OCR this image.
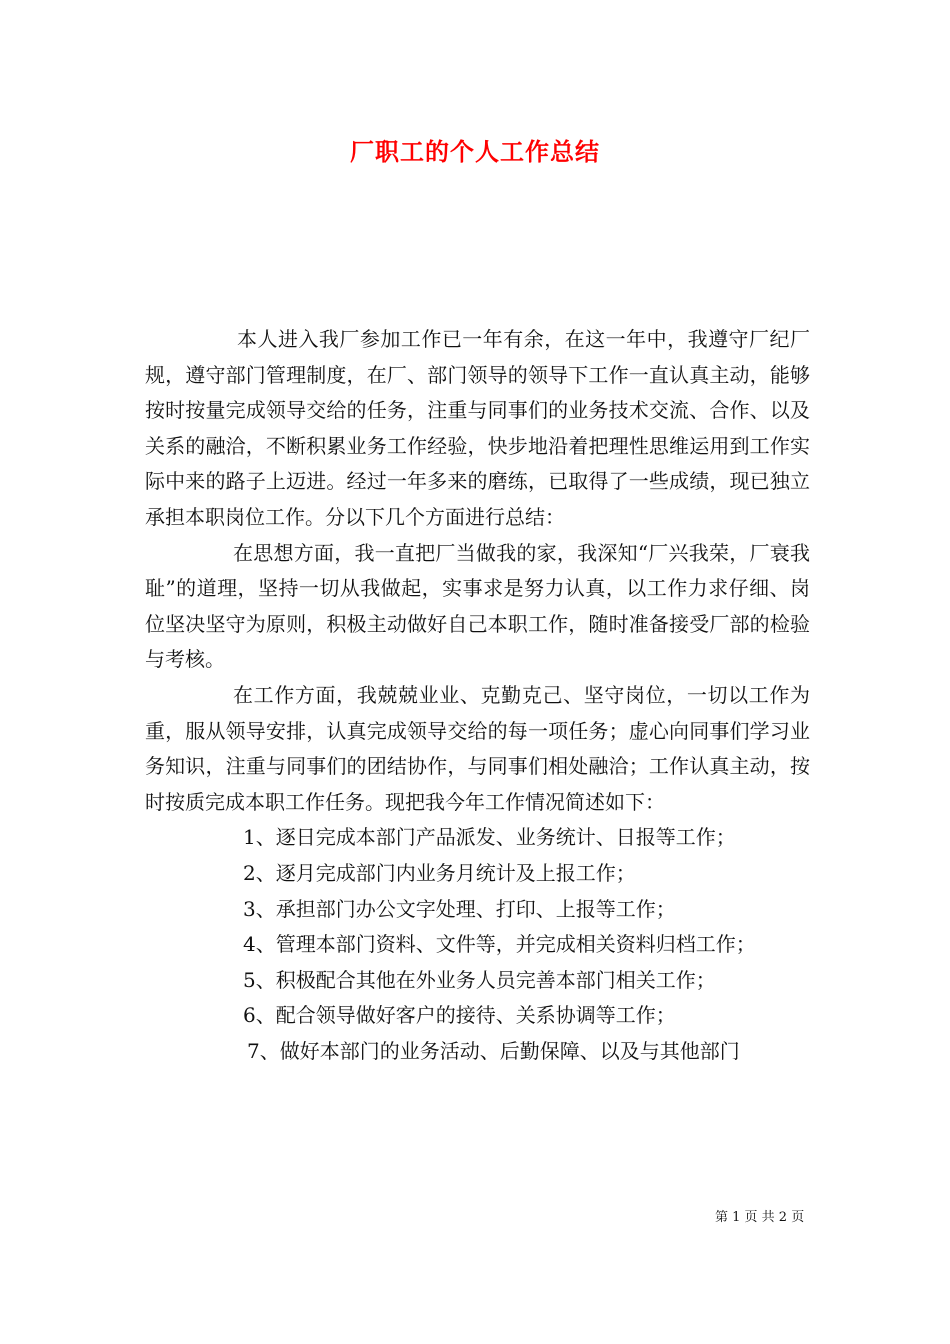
厂职工的个人工作总结

本人进入我厂参加工作已一年有余，在这一年中，我遵守厂纪厂规，遵守部门管理制度，在厂、部门领导的领导下工作一直认真主动，能够按时按量完成领导交给的任务，注重与同事们的业务技术交流、合作、以及关系的融洽，不断积累业务工作经验，快步地沿着把理性思维运用到工作实际中来的路子上迈进。经过一年多来的磨练，已取得了一些成绩，现已独立承担本职岗位工作。分以下几个方面进行总结：

在思想方面，我一直把厂当做我的家，我深知“厂兴我荣，厂衰我耻”的道理，坚持一切从我做起，实事求是努力认真，以工作力求仔细、岗位坚决坚守为原则，积极主动做好自己本职工作，随时准备接受厂部的检验与考核。

在工作方面，我兢兢业业、克勤克己、坚守岗位，一切以工作为重，服从领导安排，认真完成领导交给的每一项任务；虚心向同事们学习业务知识，注重与同事们的团结协作，与同事们相处融洽；工作认真主动，按时按质完成本职工作任务。现把我今年工作情况简述如下：

1、逐日完成本部门产品派发、业务统计、日报等工作；

2、逐月完成部门内业务月统计及上报工作；

3、承担部门办公文字处理、打印、上报等工作；

4、管理本部门资料、文件等，并完成相关资料归档工作；

5、积极配合其他在外业务人员完善本部门相关工作；

6、配合领导做好客户的接待、关系协调等工作；

7、做好本部门的业务活动、后勤保障、以及与其他部门

第 1 页 共 2 页
